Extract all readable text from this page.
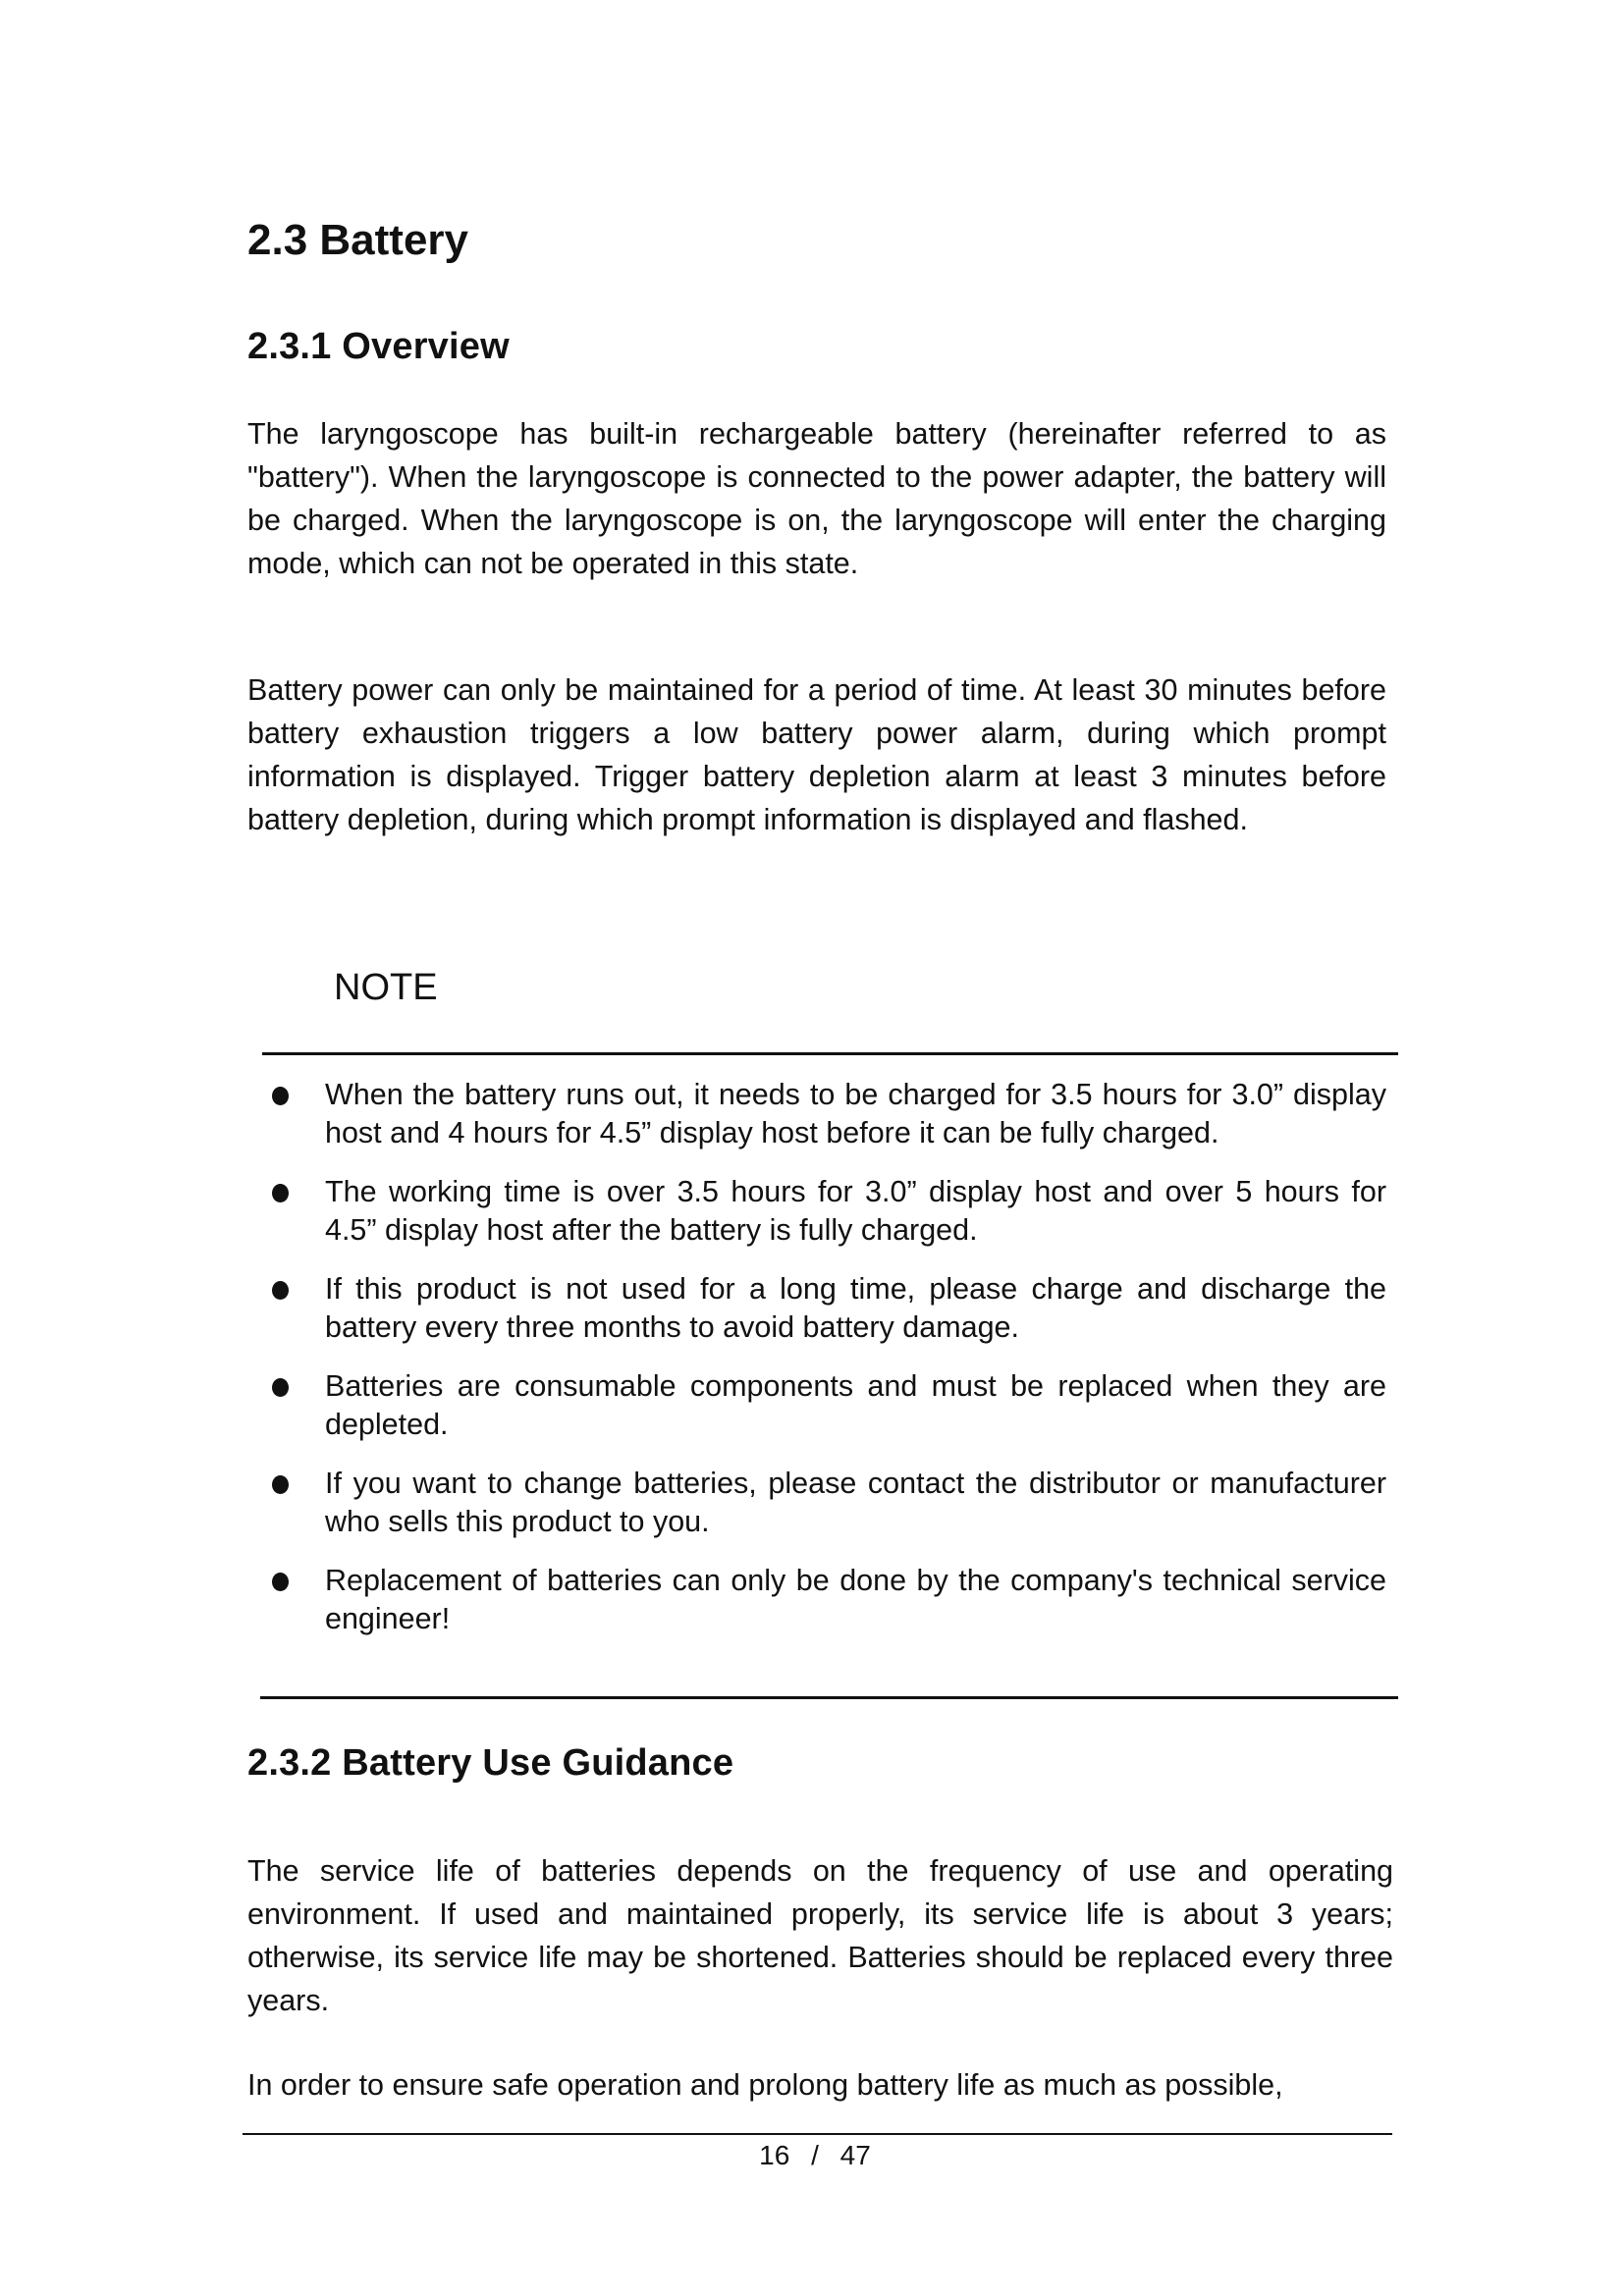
2.3 Battery
2.3.1 Overview

The laryngoscope has built-in rechargeable battery (hereinafter referred to as "battery"). When the laryngoscope is connected to the power adapter, the battery will be charged. When the laryngoscope is on, the laryngoscope will enter the charging mode, which can not be operated in this state.

Battery power can only be maintained for a period of time. At least 30 minutes before battery exhaustion triggers a low battery power alarm, during which prompt information is displayed. Trigger battery depletion alarm at least 3 minutes before battery depletion, during which prompt information is displayed and flashed.

NOTE
When the battery runs out, it needs to be charged for 3.5 hours for 3.0” display host and 4 hours for 4.5” display host before it can be fully charged.
The working time is over 3.5 hours for 3.0” display host and over 5 hours for 4.5” display host after the battery is fully charged.
If this product is not used for a long time, please charge and discharge the battery every three months to avoid battery damage.
Batteries are consumable components and must be replaced when they are depleted.
If you want to change batteries, please contact the distributor or manufacturer who sells this product to you.
Replacement of batteries can only be done by the company's technical service engineer!
2.3.2 Battery Use Guidance

The service life of batteries depends on the frequency of use and operating environment. If used and maintained properly, its service life is about 3 years; otherwise, its service life may be shortened. Batteries should be replaced every three years.

In order to ensure safe operation and prolong battery life as much as possible,

16 / 47
